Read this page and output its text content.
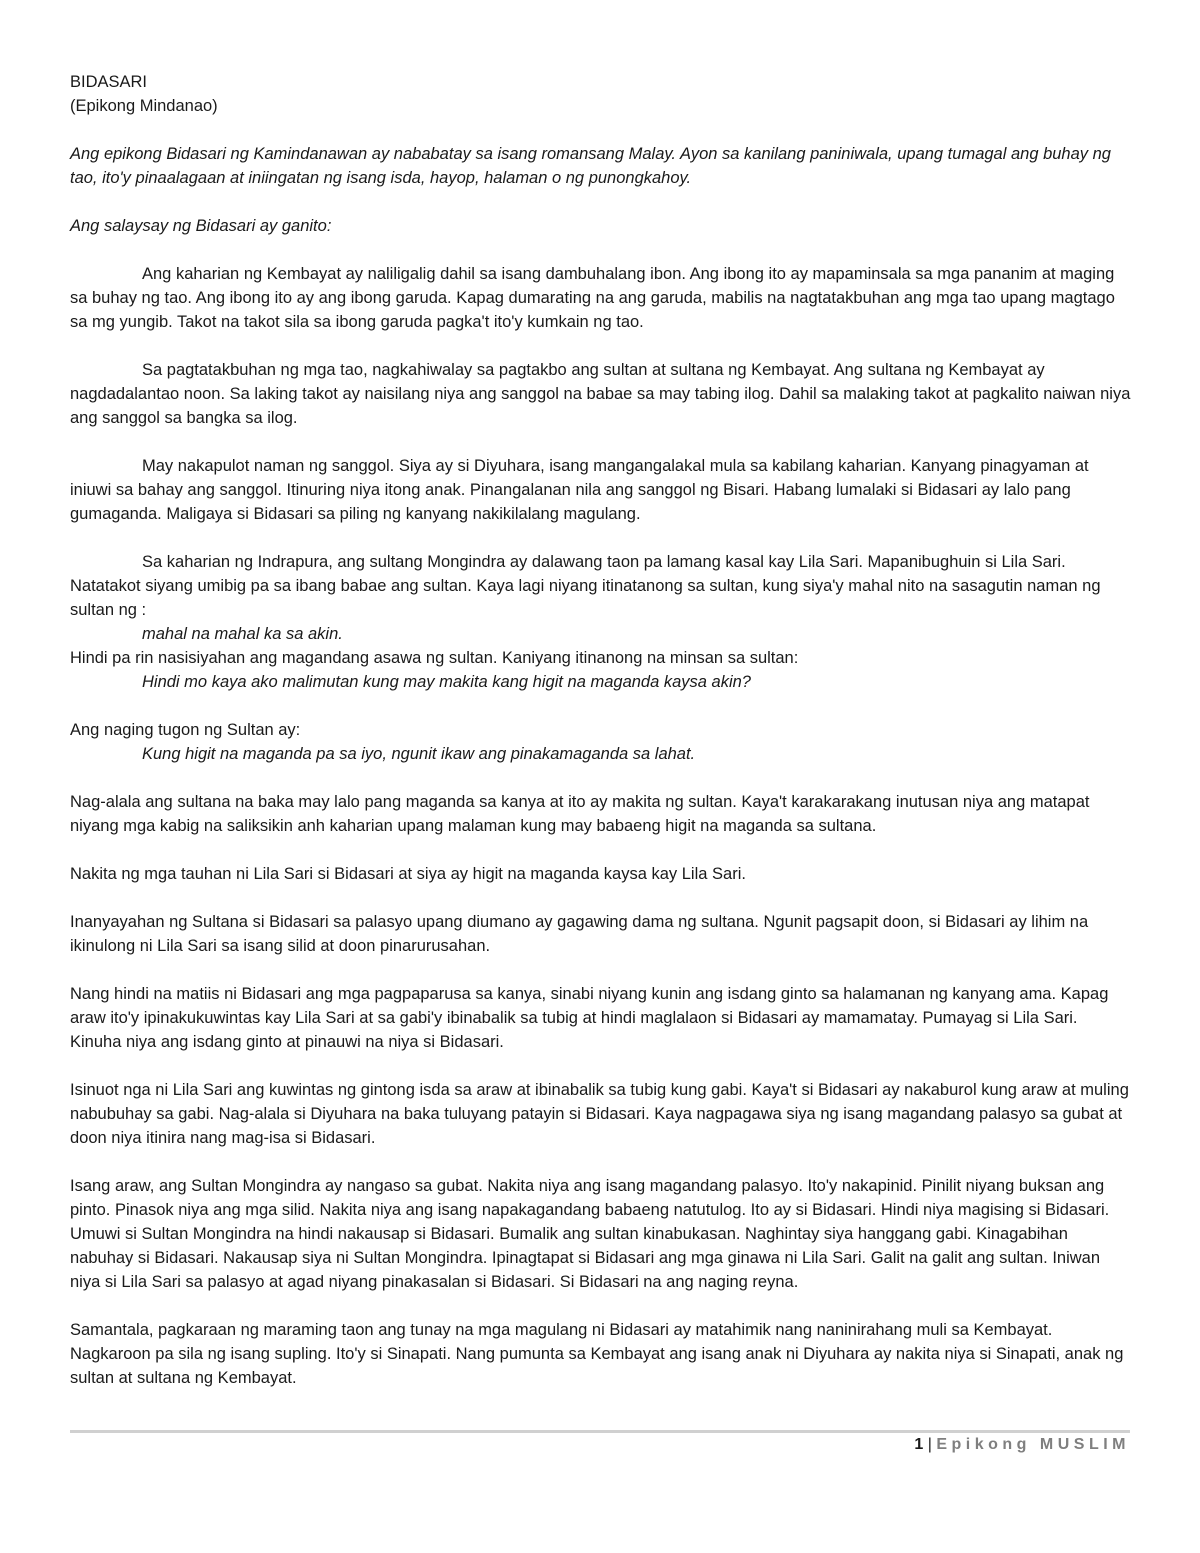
BIDASARI

(Epikong Mindanao)

Ang epikong Bidasari ng Kamindanawan ay nababatay sa isang romansang Malay. Ayon sa kanilang paniniwala, upang tumagal ang buhay ng tao, ito'y pinaalagaan at iniingatan ng isang isda, hayop, halaman o ng punongkahoy.

Ang salaysay ng Bidasari ay ganito:

Ang kaharian ng Kembayat ay naliligalig dahil sa isang dambuhalang ibon. Ang ibong ito ay mapaminsala sa mga pananim at maging sa buhay ng tao. Ang ibong ito ay ang ibong garuda. Kapag dumarating na ang garuda, mabilis na nagtatakbuhan ang mga tao upang magtago sa mg yungib. Takot na takot sila sa ibong garuda pagka't ito'y kumkain ng tao.

Sa pagtatakbuhan ng mga tao, nagkahiwalay sa pagtakbo ang sultan at sultana ng Kembayat. Ang sultana ng Kembayat ay nagdadalantao noon. Sa laking takot ay naisilang niya ang sanggol na babae sa may tabing ilog. Dahil sa malaking takot at pagkalito naiwan niya ang sanggol sa bangka sa ilog.

May nakapulot naman ng sanggol. Siya ay si Diyuhara, isang mangangalakal mula sa kabilang kaharian. Kanyang pinagyaman at iniuwi sa bahay ang sanggol. Itinuring niya itong anak. Pinangalanan nila ang sanggol ng Bisari. Habang lumalaki si Bidasari ay lalo pang gumaganda. Maligaya si Bidasari sa piling ng kanyang nakikilalang magulang.

Sa kaharian ng Indrapura, ang sultang Mongindra ay dalawang taon pa lamang kasal kay Lila Sari. Mapanibughuin si Lila Sari. Natatakot siyang umibig pa sa ibang babae ang sultan. Kaya lagi niyang itinatanong sa sultan, kung siya'y mahal nito na sasagutin naman ng sultan ng :

mahal na mahal ka sa akin.

Hindi pa rin nasisiyahan ang magandang asawa ng sultan. Kaniyang itinanong na minsan sa sultan:

Hindi mo kaya ako malimutan kung may makita kang higit na maganda kaysa akin?

Ang naging tugon ng Sultan ay:

Kung higit na maganda pa sa iyo, ngunit ikaw ang pinakamaganda sa lahat.

Nag-alala ang sultana na baka may lalo pang maganda sa kanya at ito ay makita ng sultan. Kaya't karakarakang inutusan niya ang matapat niyang mga kabig na saliksikin anh kaharian upang malaman kung may babaeng higit na maganda sa sultana.

Nakita ng mga tauhan ni Lila Sari si Bidasari at siya ay higit na maganda kaysa kay Lila Sari.

Inanyayahan ng Sultana si Bidasari sa palasyo upang diumano ay gagawing dama ng sultana. Ngunit pagsapit doon, si Bidasari ay lihim na ikinulong ni Lila Sari sa isang silid at doon pinarurusahan.

Nang hindi na matiis ni Bidasari ang mga pagpaparusa sa kanya, sinabi niyang kunin ang isdang ginto sa halamanan ng kanyang ama. Kapag araw ito'y ipinakukuwintas kay Lila Sari at sa gabi'y ibinabalik sa tubig at hindi maglalaon si Bidasari ay mamamatay. Pumayag si Lila Sari. Kinuha niya ang isdang ginto at pinauwi na niya si Bidasari.

Isinuot nga ni Lila Sari ang kuwintas ng gintong isda sa araw at ibinabalik sa tubig kung gabi. Kaya't si Bidasari ay nakaburol kung araw at muling nabubuhay sa gabi. Nag-alala si Diyuhara na baka tuluyang patayin si Bidasari. Kaya nagpagawa siya ng isang magandang palasyo sa gubat at doon niya itinira nang mag-isa si Bidasari.

Isang araw, ang Sultan Mongindra ay nangaso sa gubat. Nakita niya ang isang magandang palasyo. Ito'y nakapinid. Pinilit niyang buksan ang pinto. Pinasok niya ang mga silid. Nakita niya ang isang napakagandang babaeng natutulog. Ito ay si Bidasari. Hindi niya magising si Bidasari. Umuwi si Sultan Mongindra na hindi nakausap si Bidasari. Bumalik ang sultan kinabukasan. Naghintay siya hanggang gabi. Kinagabihan nabuhay si Bidasari. Nakausap siya ni Sultan Mongindra. Ipinagtapat si Bidasari ang mga ginawa ni Lila Sari. Galit na galit ang sultan. Iniwan niya si Lila Sari sa palasyo at agad niyang pinakasalan si Bidasari. Si Bidasari na ang naging reyna.

Samantala, pagkaraan ng maraming taon ang tunay na mga magulang ni Bidasari ay matahimik nang naninirahang muli sa Kembayat. Nagkaroon pa sila ng isang supling. Ito'y si Sinapati. Nang pumunta sa Kembayat ang isang anak ni Diyuhara ay nakita niya si Sinapati, anak ng sultan at sultana ng Kembayat.

1 | Epikong MUSLIM
